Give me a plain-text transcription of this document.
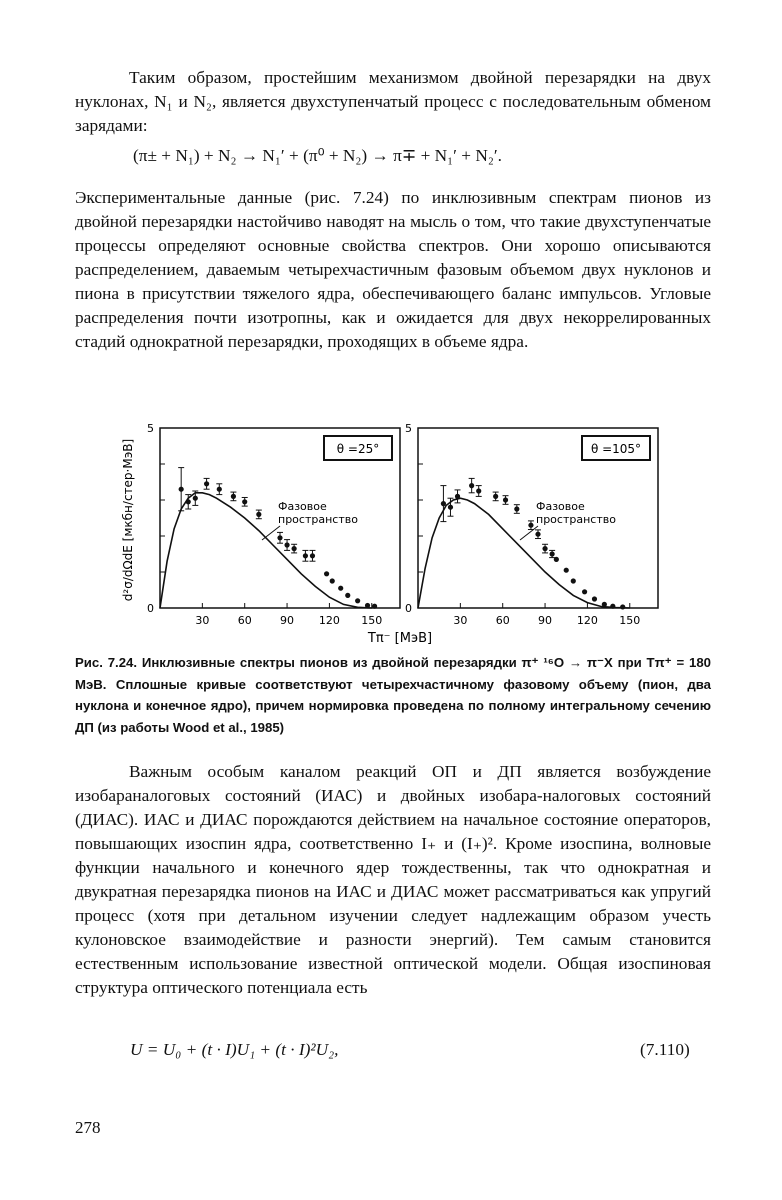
Таким образом, простейшим механизмом двойной перезарядки на двух нуклонах, N₁ и N₂, является двухступенчатый процесс с последовательным обменом зарядами:
(π± + N₁) + N₂ → N₁′ + (π⁰ + N₂) → π∓ + N₁′ + N₂′.
Экспериментальные данные (рис. 7.24) по инклюзивным спектрам пионов из двойной перезарядки настойчиво наводят на мысль о том, что такие двухступенчатые процессы определяют основные свойства спектров. Они хорошо описываются распределением, даваемым четырехчастичным фазовым объемом двух нуклонов и пиона в присутствии тяжелого ядра, обеспечивающего баланс импульсов. Угловые распределения почти изотропны, как и ожидается для двух некоррелированных стадий однократной перезарядки, проходящих в объеме ядра.
d²σ/dΩdE [мкбн/стер·МэВ]
0
5
30	60	90 120 150
θ =25°
Фазовое
пространство
0
5
30	60	90 120 150
θ =105°
Фазовое
пространство
Tπ⁻ [МэВ]
Рис. 7.24. Инклюзивные спектры пионов из двойной перезарядки π⁺ ¹⁶O → π⁻X при Tπ⁺ = 180 МэВ. Сплошные кривые соответствуют четырехчастичному фазовому объему (пион, два нуклона и конечное ядро), причем нормировка проведена по полному интегральному сечению ДП (из работы Wood et al., 1985)
Важным особым каналом реакций ОП и ДП является возбуждение изобараналоговых состояний (ИАС) и двойных изобара-налоговых состояний (ДИАС). ИАС и ДИАС порождаются действием на начальное состояние операторов, повышающих изоспин ядра, соответственно I₊ и (I₊)². Кроме изоспина, волновые функции начального и конечного ядер тождественны, так что однократная и двукратная перезарядка пионов на ИАС и ДИАС может рассматриваться как упругий процесс (хотя при детальном изучении следует надлежащим образом учесть кулоновское взаимодействие и разности энергий). Тем самым становится естественным использование известной оптической модели. Общая изоспиновая структура оптического потенциала есть
U = U₀ + (t · I)U₁ + (t · I)²U₂,	(7.110)
278
